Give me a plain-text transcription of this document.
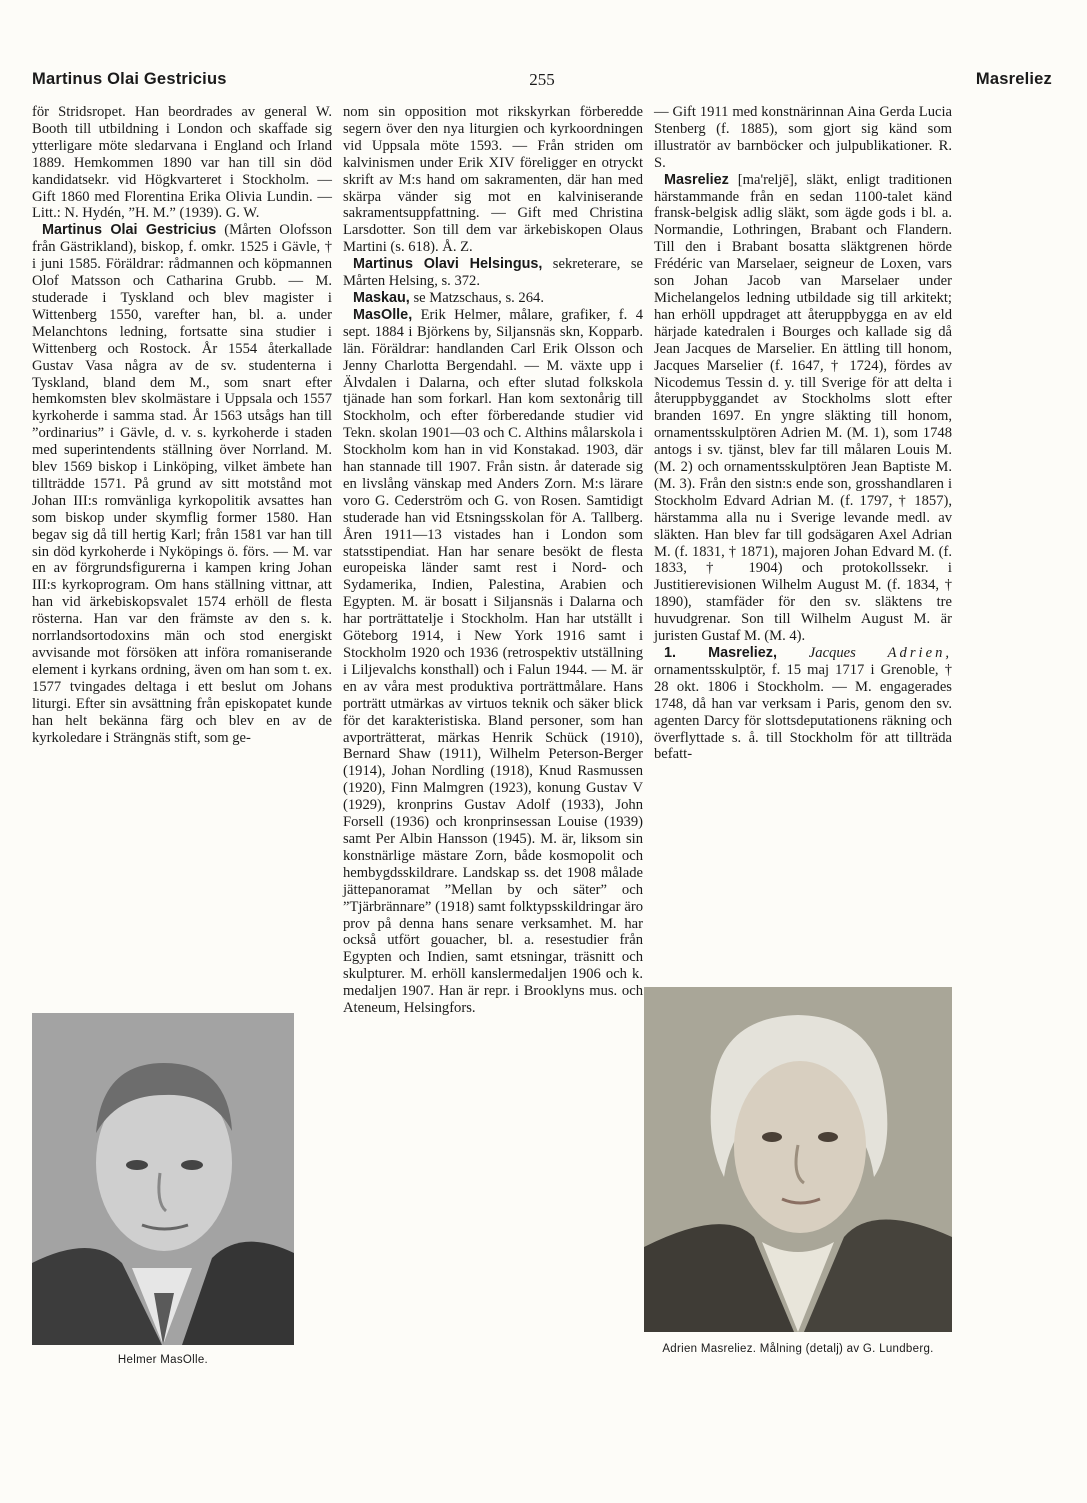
Martinus Olai Gestricius	255	Masreliez

för Stridsropet. Han beordrades av general W. Booth till utbildning i London och skaffade sig ytterligare möte sledarvana i England och Irland 1889. Hemkommen 1890 var han till sin död kandidatsekr. vid Högkvarteret i Stockholm. — Gift 1860 med Florentina Erika Olivia Lundin. — Litt.: N. Hydén, ”H. M.” (1939). G. W.

Martinus Olai Gestricius (Mårten Olofsson från Gästrikland), biskop, f. omkr. 1525 i Gävle, † i juni 1585. Föräldrar: rådmannen och köpmannen Olof Matsson och Catharina Grubb. — M. studerade i Tyskland och blev magister i Wittenberg 1550, varefter han, bl. a. under Melanchtons ledning, fortsatte sina studier i Wittenberg och Rostock. År 1554 återkallade Gustav Vasa några av de sv. studenterna i Tyskland, bland dem M., som snart efter hemkomsten blev skolmästare i Uppsala och 1557 kyrkoherde i samma stad. År 1563 utsågs han till ”ordinarius” i Gävle, d. v. s. kyrkoherde i staden med superintendents ställning över Norrland. M. blev 1569 biskop i Linköping, vilket ämbete han tillträdde 1571. På grund av sitt motstånd mot Johan III:s romvänliga kyrkopolitik avsattes han som biskop under skymflig former 1580. Han begav sig då till hertig Karl; från 1581 var han till sin död kyrkoherde i Nyköpings ö. förs. — M. var en av förgrundsfigurerna i kampen kring Johan III:s kyrkoprogram. Om hans ställning vittnar, att han vid ärkebiskopsvalet 1574 erhöll de flesta rösterna. Han var den främste av den s. k. norrlandsortodoxins män och stod energiskt avvisande mot försöken att införa romaniserande element i kyrkans ordning, även om han som t. ex. 1577 tvingades deltaga i ett beslut om Johans liturgi. Efter sin avsättning från episkopatet kunde han helt bekänna färg och blev en av de kyrkoledare i Strängnäs stift, som ge-

Helmer MasOlle.

nom sin opposition mot rikskyrkan förberedde segern över den nya liturgien och kyrkoordningen vid Uppsala möte 1593. — Från striden om kalvinismen under Erik XIV föreligger en otryckt skrift av M:s hand om sakramenten, där han med skärpa vänder sig mot en kalviniserande sakramentsuppfattning. — Gift med Christina Larsdotter. Son till dem var ärkebiskopen Olaus Martini (s. 618). Å. Z.

Martinus Olavi Helsingus, sekreterare, se Mårten Helsing, s. 372.

Maskau, se Matzschaus, s. 264.

MasOlle, Erik Helmer, målare, grafiker, f. 4 sept. 1884 i Björkens by, Siljansnäs skn, Kopparb. län. Föräldrar: handlanden Carl Erik Olsson och Jenny Charlotta Bergendahl. — M. växte upp i Älvdalen i Dalarna, och efter slutad folkskola tjänade han som forkarl. Han kom sextonårig till Stockholm, och efter förberedande studier vid Tekn. skolan 1901—03 och C. Althins målarskola i Stockholm kom han in vid Konstakad. 1903, där han stannade till 1907. Från sistn. år daterade sig en livslång vänskap med Anders Zorn. M:s lärare voro G. Cederström och G. von Rosen. Samtidigt studerade han vid Etsningsskolan för A. Tallberg. Åren 1911—13 vistades han i London som statsstipendiat. Han har senare besökt de flesta europeiska länder samt rest i Nord- och Sydamerika, Indien, Palestina, Arabien och Egypten. M. är bosatt i Siljansnäs i Dalarna och har porträttatelje i Stockholm. Han har utställt i Göteborg 1914, i New York 1916 samt i Stockholm 1920 och 1936 (retrospektiv utställning i Liljevalchs konsthall) och i Falun 1944. — M. är en av våra mest produktiva porträttmålare. Hans porträtt utmärkas av virtuos teknik och säker blick för det karakteristiska. Bland personer, som han avporträtterat, märkas Henrik Schück (1910), Bernard Shaw (1911), Wilhelm Peterson-Berger (1914), Johan Nordling (1918), Knud Rasmussen (1920), Finn Malmgren (1923), konung Gustav V (1929), kronprins Gustav Adolf (1933), John Forsell (1936) och kronprinsessan Louise (1939) samt Per Albin Hansson (1945). M. är, liksom sin konstnärlige mästare Zorn, både kosmopolit och hembygdsskildrare. Landskap ss. det 1908 målade jättepanoramat ”Mellan by och säter” och ”Tjärbrännare” (1918) samt folktypsskildringar äro prov på denna hans senare verksamhet. M. har också utfört gouacher, bl. a. resestudier från Egypten och Indien, samt etsningar, träsnitt och skulpturer. M. erhöll kanslermedaljen 1906 och k. medaljen 1907. Han är repr. i Brooklyns mus. och Ateneum, Helsingfors.

— Gift 1911 med konstnärinnan Aina Gerda Lucia Stenberg (f. 1885), som gjort sig känd som illustratör av barnböcker och julpublikationer. R. S.

Masreliez [ma'reljē], släkt, enligt traditionen härstammande från en sedan 1100-talet känd fransk-belgisk adlig släkt, som ägde gods i bl. a. Normandie, Lothringen, Brabant och Flandern. Till den i Brabant bosatta släktgrenen hörde Frédéric van Marselaer, seigneur de Loxen, vars son Johan Jacob van Marselaer under Michelangelos ledning utbildade sig till arkitekt; han erhöll uppdraget att återuppbygga en av eld härjade katedralen i Bourges och kallade sig då Jean Jacques de Marselier. En ättling till honom, Jacques Marselier (f. 1647, † 1724), fördes av Nicodemus Tessin d. y. till Sverige för att delta i återuppbyggandet av Stockholms slott efter branden 1697. En yngre släkting till honom, ornamentsskulptören Adrien M. (M. 1), som 1748 antogs i sv. tjänst, blev far till målaren Louis M. (M. 2) och ornamentsskulptören Jean Baptiste M. (M. 3). Från den sistn:s ende son, grosshandlaren i Stockholm Edvard Adrian M. (f. 1797, † 1857), härstamma alla nu i Sverige levande medl. av släkten. Han blev far till godsägaren Axel Adrian M. (f. 1831, † 1871), majoren Johan Edvard M. (f. 1833, † 1904) och protokollssekr. i Justitierevisionen Wilhelm August M. (f. 1834, † 1890), stamfäder för den sv. släktens tre huvudgrenar. Son till Wilhelm August M. är juristen Gustaf M. (M. 4).

1. Masreliez, Jacques Adrien, ornamentsskulptör, f. 15 maj 1717 i Grenoble, † 28 okt. 1806 i Stockholm. — M. engagerades 1748, då han var verksam i Paris, genom den sv. agenten Darcy för slottsdeputationens räkning och överflyttade s. å. till Stockholm för att tillträda befatt-

Adrien Masreliez. Målning (detalj) av G. Lundberg.
